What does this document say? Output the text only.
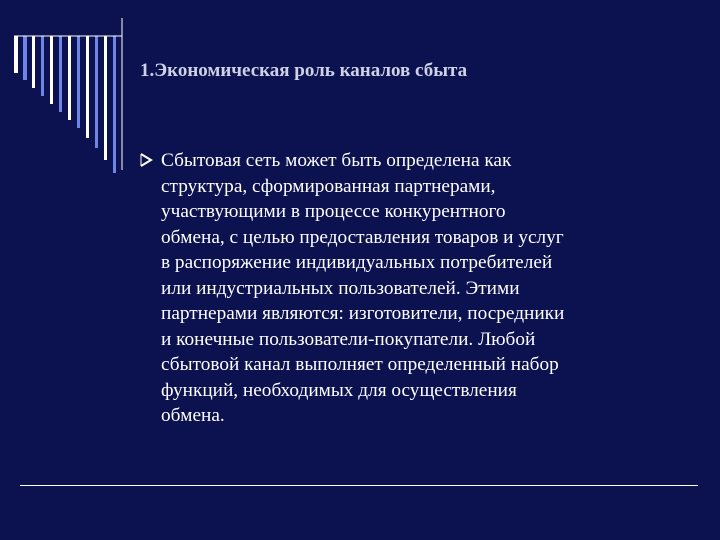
1.Экономическая роль каналов сбыта

Сбытовая сеть может быть определена как
структура, сформированная партнерами,
участвующими в процессе конкурентного
обмена, с целью предоставления товаров и услуг
в распоряжение индивидуальных потребителей
или индустриальных пользователей. Этими
партнерами являются: изготовители, посредники
и конечные пользователи-покупатели. Любой
сбытовой канал выполняет определенный набор
функций, необходимых для осуществления
обмена.
